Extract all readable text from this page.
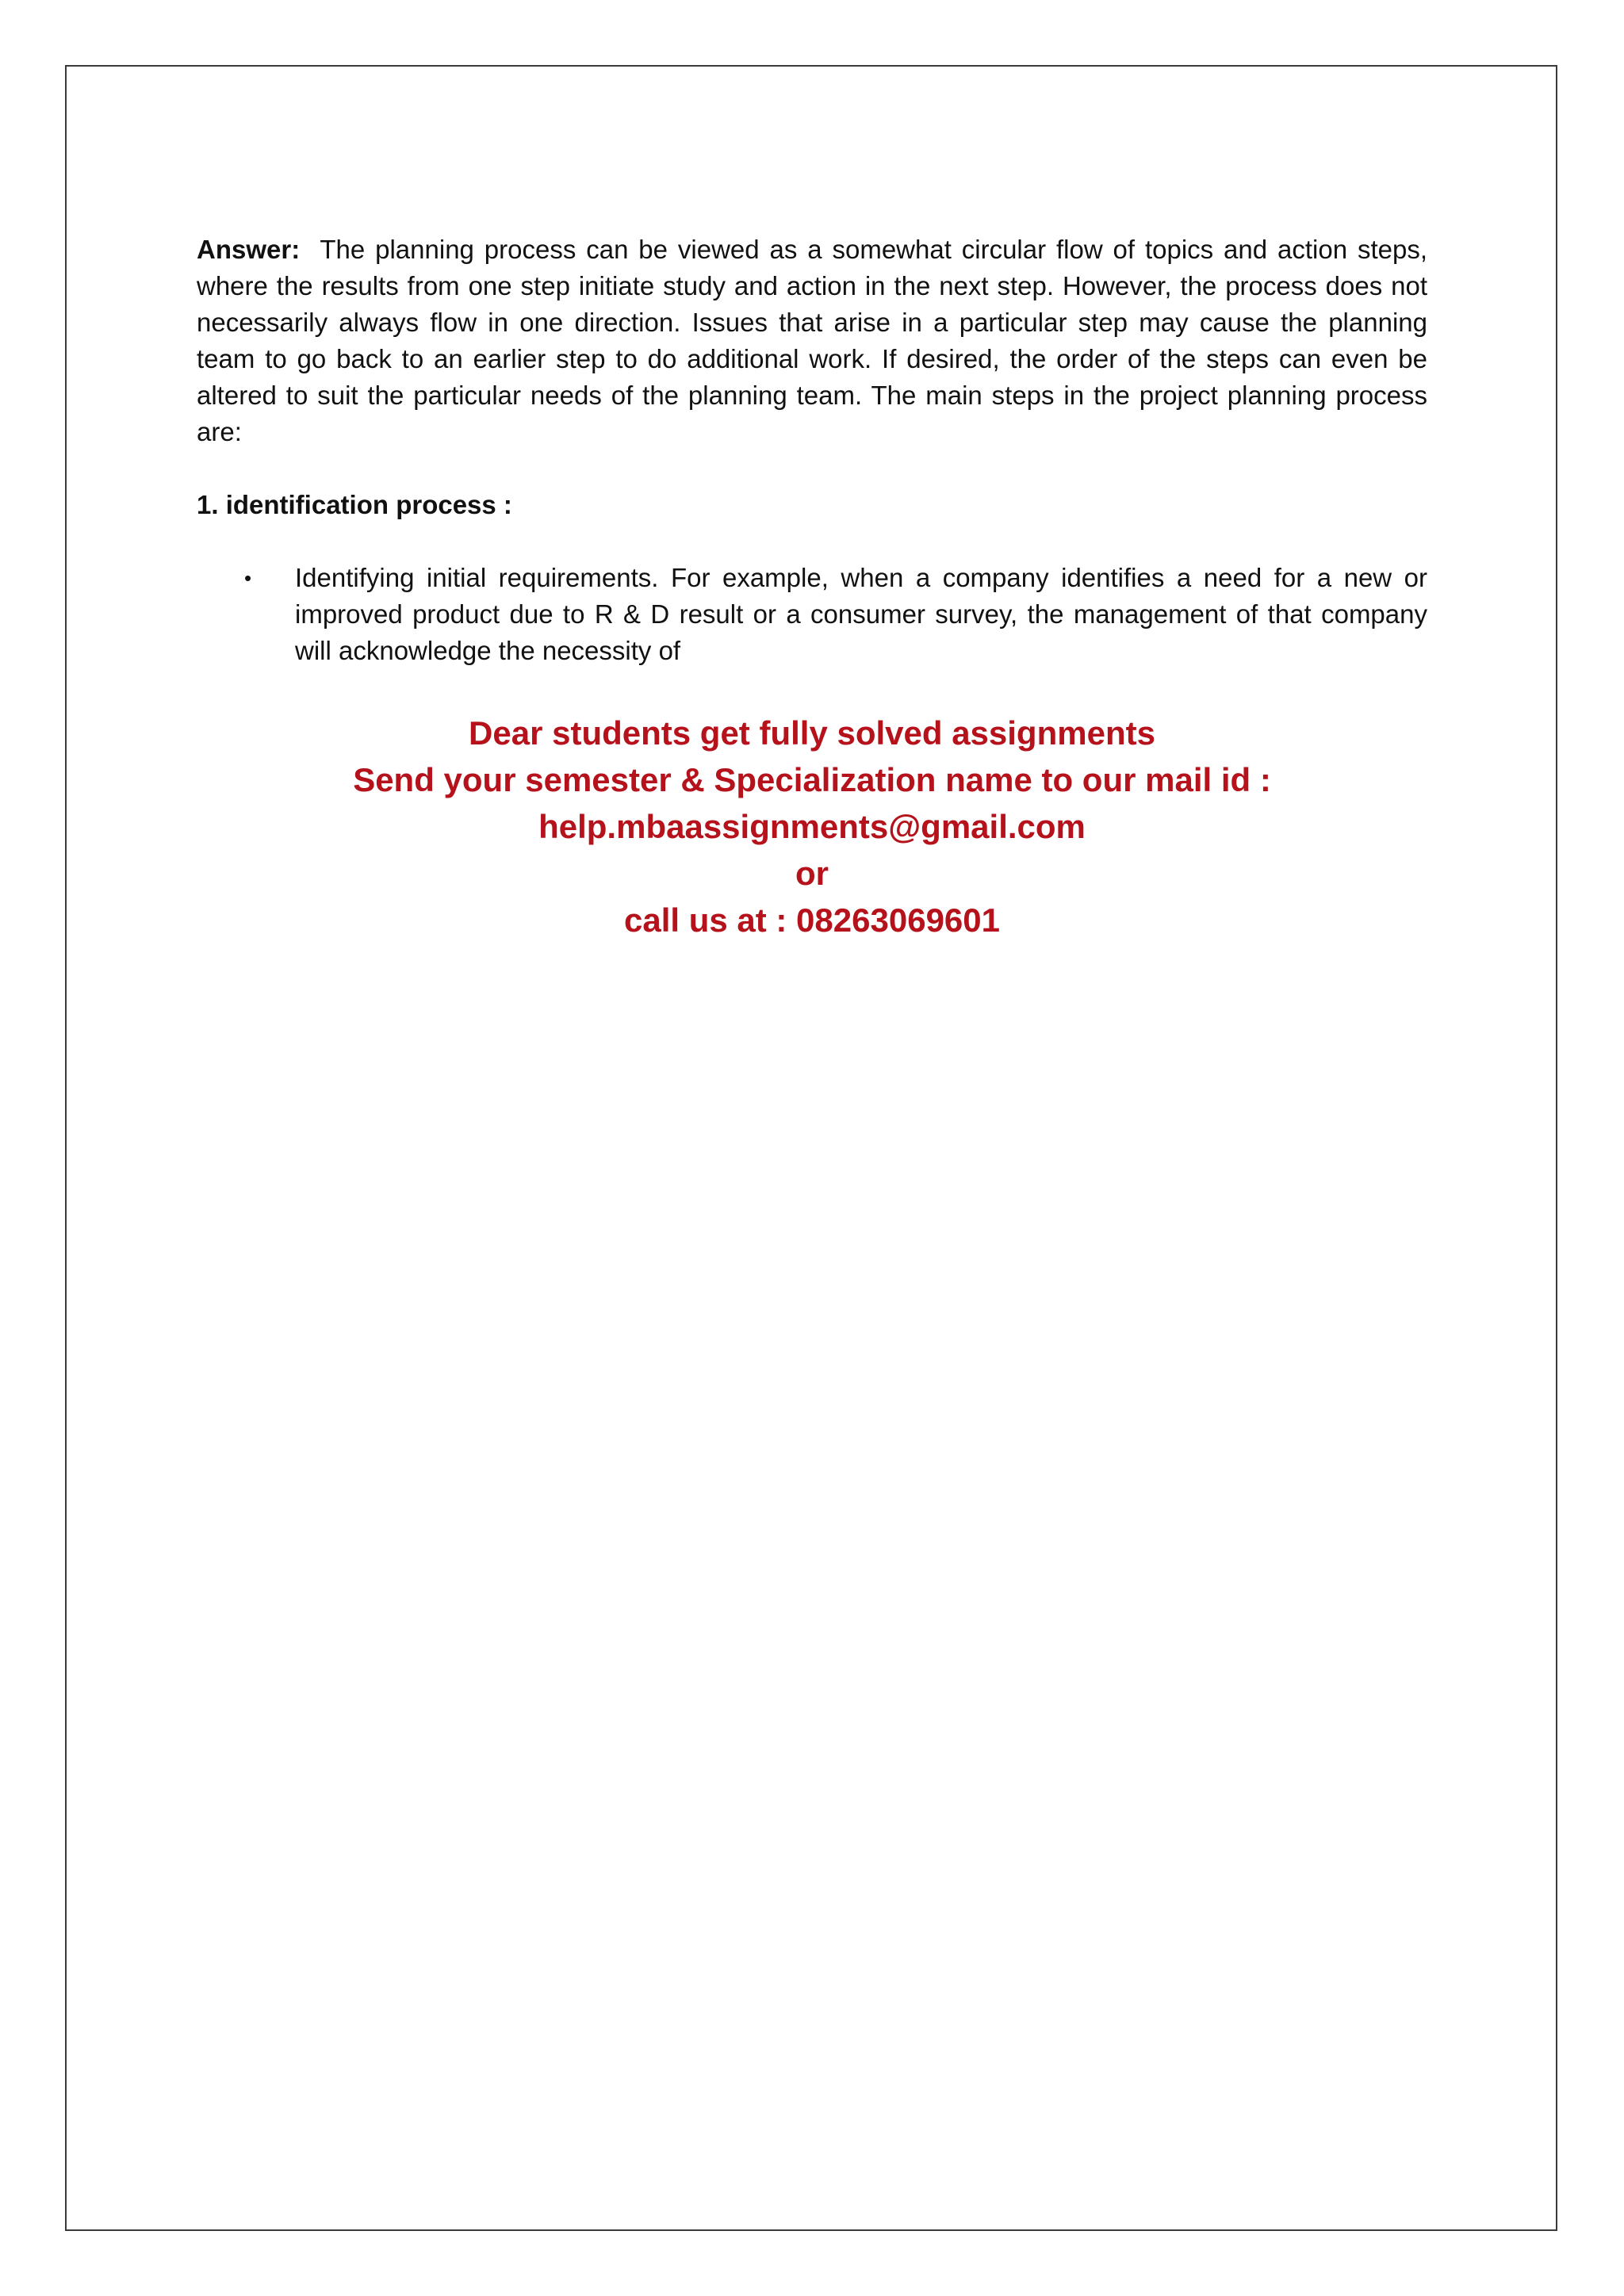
Answer: The planning process can be viewed as a somewhat circular flow of topics and action steps, where the results from one step initiate study and action in the next step. However, the process does not necessarily always flow in one direction. Issues that arise in a particular step may cause the planning team to go back to an earlier step to do additional work. If desired, the order of the steps can even be altered to suit the particular needs of the planning team. The main steps in the project planning process are:

1. identification process :

• Identifying initial requirements. For example, when a company identifies a need for a new or improved product due to R & D result or a consumer survey, the management of that company will acknowledge the necessity of
Dear students get fully solved assignments
Send your semester & Specialization name to our mail id :
help.mbaassignments@gmail.com
or
call us at : 08263069601
